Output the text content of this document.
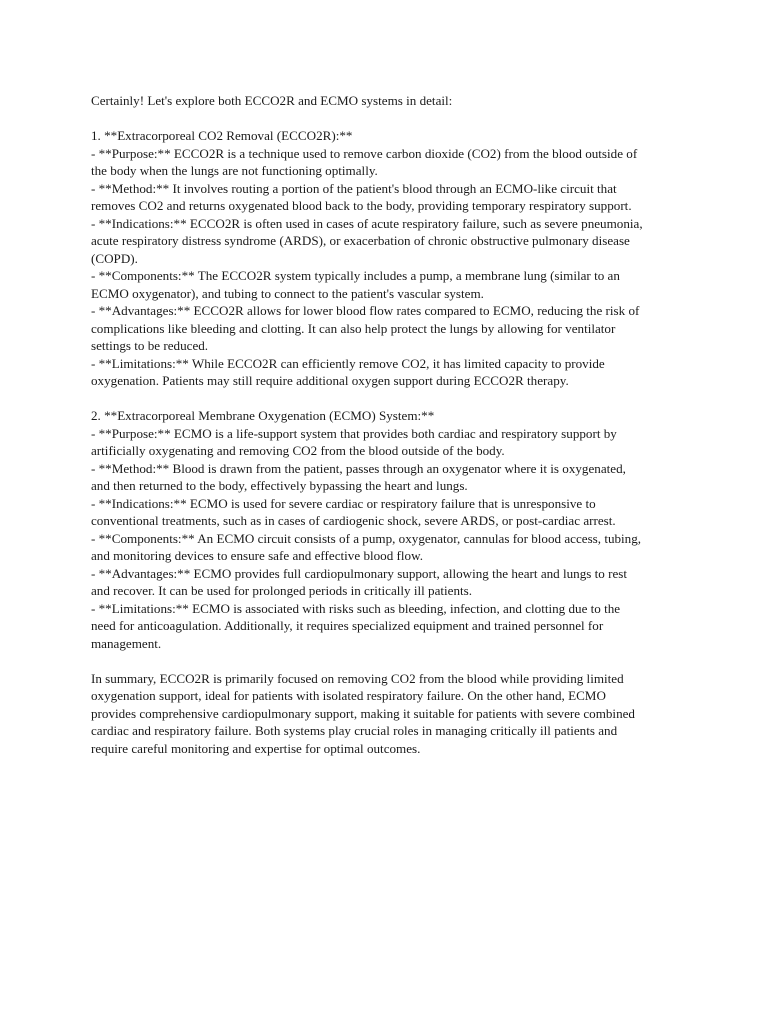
Certainly! Let's explore both ECCO2R and ECMO systems in detail:
1. **Extracorporeal CO2 Removal (ECCO2R):**
- **Purpose:** ECCO2R is a technique used to remove carbon dioxide (CO2) from the blood outside of
the body when the lungs are not functioning optimally.
- **Method:** It involves routing a portion of the patient's blood through an ECMO-like circuit that
removes CO2 and returns oxygenated blood back to the body, providing temporary respiratory support.
- **Indications:** ECCO2R is often used in cases of acute respiratory failure, such as severe pneumonia,
acute respiratory distress syndrome (ARDS), or exacerbation of chronic obstructive pulmonary disease
(COPD).
- **Components:** The ECCO2R system typically includes a pump, a membrane lung (similar to an
ECMO oxygenator), and tubing to connect to the patient's vascular system.
- **Advantages:** ECCO2R allows for lower blood flow rates compared to ECMO, reducing the risk of
complications like bleeding and clotting. It can also help protect the lungs by allowing for ventilator
settings to be reduced.
- **Limitations:** While ECCO2R can efficiently remove CO2, it has limited capacity to provide
oxygenation. Patients may still require additional oxygen support during ECCO2R therapy.
2. **Extracorporeal Membrane Oxygenation (ECMO) System:**
- **Purpose:** ECMO is a life-support system that provides both cardiac and respiratory support by
artificially oxygenating and removing CO2 from the blood outside of the body.
- **Method:** Blood is drawn from the patient, passes through an oxygenator where it is oxygenated,
and then returned to the body, effectively bypassing the heart and lungs.
- **Indications:** ECMO is used for severe cardiac or respiratory failure that is unresponsive to
conventional treatments, such as in cases of cardiogenic shock, severe ARDS, or post-cardiac arrest.
- **Components:** An ECMO circuit consists of a pump, oxygenator, cannulas for blood access, tubing,
and monitoring devices to ensure safe and effective blood flow.
- **Advantages:** ECMO provides full cardiopulmonary support, allowing the heart and lungs to rest
and recover. It can be used for prolonged periods in critically ill patients.
- **Limitations:** ECMO is associated with risks such as bleeding, infection, and clotting due to the
need for anticoagulation. Additionally, it requires specialized equipment and trained personnel for
management.
In summary, ECCO2R is primarily focused on removing CO2 from the blood while providing limited
oxygenation support, ideal for patients with isolated respiratory failure. On the other hand, ECMO
provides comprehensive cardiopulmonary support, making it suitable for patients with severe combined
cardiac and respiratory failure. Both systems play crucial roles in managing critically ill patients and
require careful monitoring and expertise for optimal outcomes.
